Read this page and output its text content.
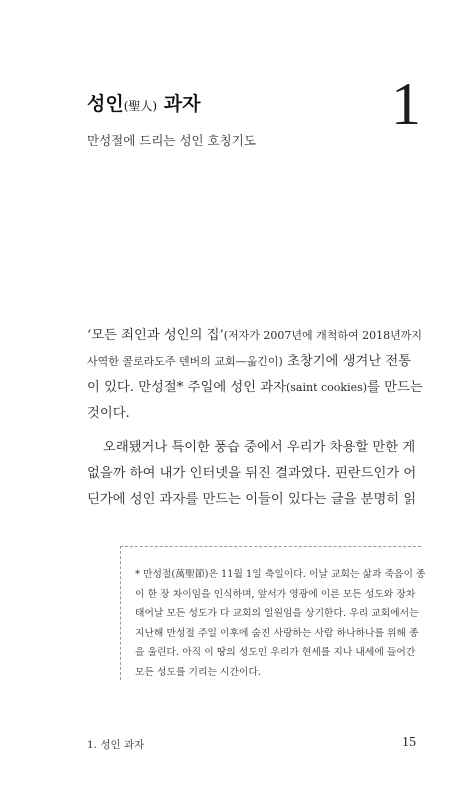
1
성인(聖人) 과자
만성절에 드리는 성인 호칭기도
‘모든 죄인과 성인의 집’(저자가 2007년에 개척하여 2018년까지
사역한 콜로라도주 덴버의 교회—옮긴이) 초창기에 생겨난 전통
이 있다. 만성절* 주일에 성인 과자(saint cookies)를 만드는
것이다.
오래됐거나 특이한 풍습 중에서 우리가 차용할 만한 게
없을까 하여 내가 인터넷을 뒤진 결과였다. 핀란드인가 어
딘가에 성인 과자를 만드는 이들이 있다는 글을 분명히 읽
* 만성절(萬聖節)은 11월 1일 축일이다. 이날 교회는 삶과 죽음이 종
이 한 장 차이임을 인식하며, 앞서가 영광에 이른 모든 성도와 장차
태어날 모든 성도가 다 교회의 일원임을 상기한다. 우리 교회에서는
지난해 만성절 주일 이후에 숨진 사랑하는 사람 하나하나를 위해 종
을 울린다. 아직 이 땅의 성도인 우리가 현세를 지나 내세에 들어간
모든 성도를 기리는 시간이다.
1. 성인 과자	15
